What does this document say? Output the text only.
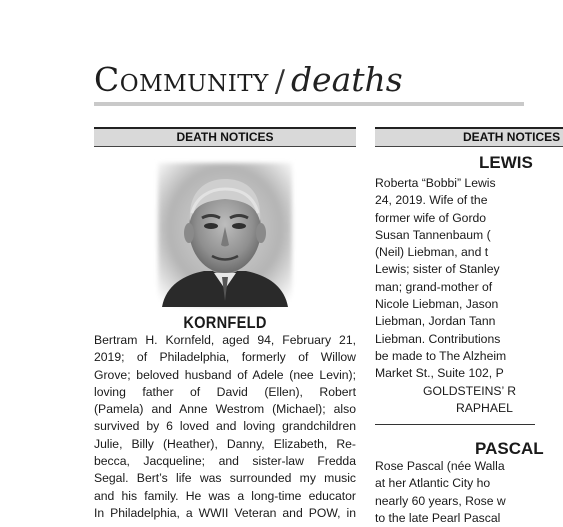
Community / deaths
DEATH NOTICES
KORNFELD
Bertram H. Kornfeld, aged 94, February 21,
2019; of Philadelphia, formerly of Willow
Grove; beloved husband of Adele (nee Levin);
loving father of David (Ellen), Robert
(Pamela) and Anne Westrom (Michael); also
survived by 6 loved and loving grandchildren
Julie, Billy (Heather), Danny, Elizabeth, Re-
becca, Jacqueline; and sister-law Fredda
Segal. Bert’s life was surrounded my music
and his family. He was a long-time educator
In Philadelphia, a WWII Veteran and POW, in
DEATH NOTICES
LEWIS
Roberta “Bobbi” Lewis
24, 2019. Wife of the
former wife of Gordo
Susan Tannenbaum (
(Neil) Liebman, and t
Lewis; sister of Stanley
man; grand-mother of
Nicole Liebman, Jason
Liebman, Jordan Tann
Liebman. Contributions
be made to The Alzheim
Market St., Suite 102, P
GOLDSTEINS’ R
RAPHAEL
PASCAL
Rose Pascal (née Walla
at her Atlantic City ho
nearly 60 years, Rose w
to the late Pearl Pascal
